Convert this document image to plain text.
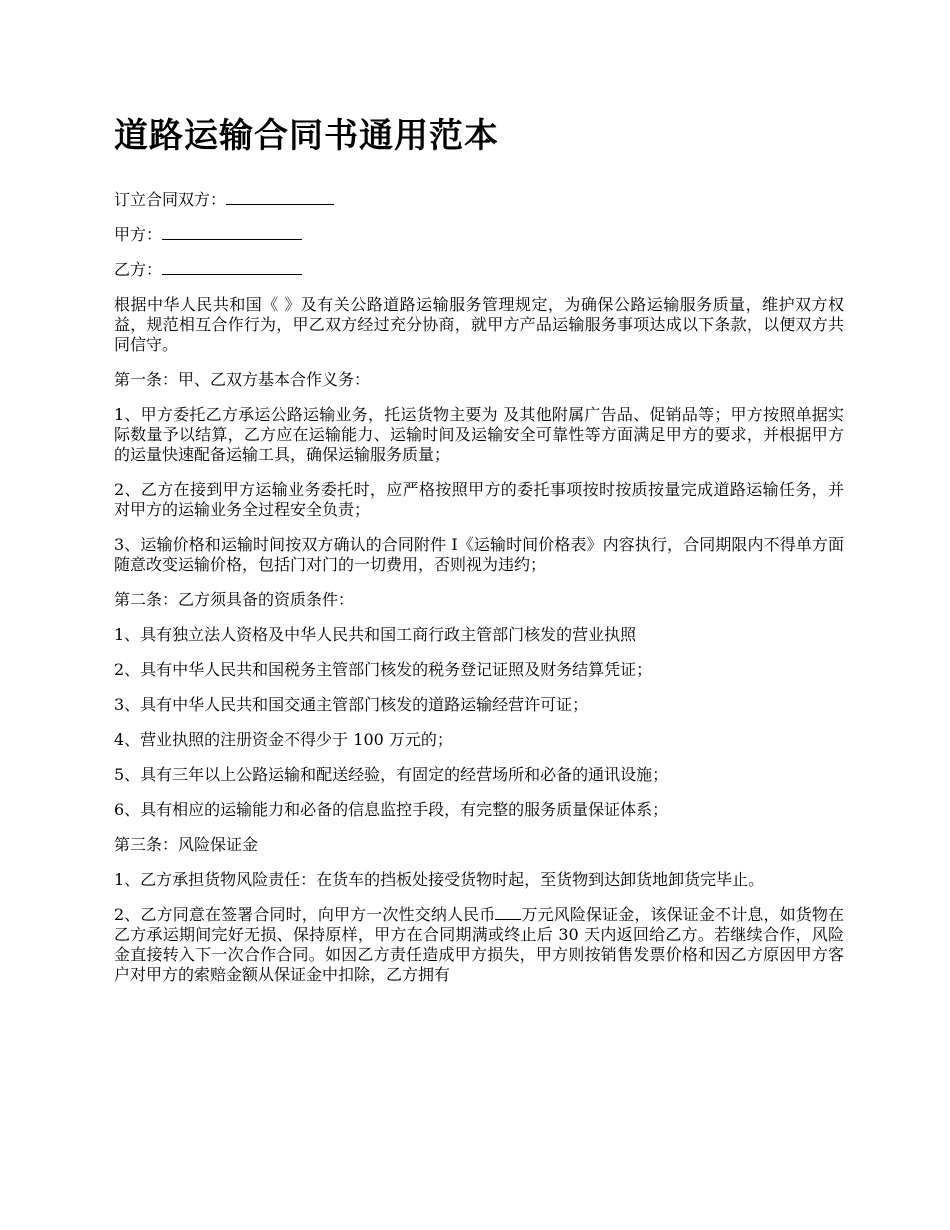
道路运输合同书通用范本

订立合同双方：

甲方：

乙方：

根据中华人民共和国《 》及有关公路道路运输服务管理规定，为确保公路运输服务质量，维护双方权益，规范相互合作行为，甲乙双方经过充分协商，就甲方产品运输服务事项达成以下条款，以便双方共同信守。

第一条：甲、乙双方基本合作义务：

1、甲方委托乙方承运公路运输业务，托运货物主要为 及其他附属广告品、促销品等；甲方按照单据实际数量予以结算，乙方应在运输能力、运输时间及运输安全可靠性等方面满足甲方的要求，并根据甲方的运量快速配备运输工具，确保运输服务质量；

2、乙方在接到甲方运输业务委托时，应严格按照甲方的委托事项按时按质按量完成道路运输任务，并对甲方的运输业务全过程安全负责；

3、运输价格和运输时间按双方确认的合同附件 I《运输时间价格表》内容执行，合同期限内不得单方面随意改变运输价格，包括门对门的一切费用，否则视为违约；

第二条：乙方须具备的资质条件：

1、具有独立法人资格及中华人民共和国工商行政主管部门核发的营业执照

2、具有中华人民共和国税务主管部门核发的税务登记证照及财务结算凭证；

3、具有中华人民共和国交通主管部门核发的道路运输经营许可证；

4、营业执照的注册资金不得少于 100 万元的；

5、具有三年以上公路运输和配送经验，有固定的经营场所和必备的通讯设施；

6、具有相应的运输能力和必备的信息监控手段，有完整的服务质量保证体系；

第三条：风险保证金

1、乙方承担货物风险责任：在货车的挡板处接受货物时起，至货物到达卸货地卸货完毕止。

2、乙方同意在签署合同时，向甲方一次性交纳人民币 万元风险保证金，该保证金不计息，如货物在乙方承运期间完好无损、保持原样，甲方在合同期满或终止后 30 天内返回给乙方。若继续合作，风险金直接转入下一次合作合同。如因乙方责任造成甲方损失，甲方则按销售发票价格和因乙方原因甲方客户对甲方的索赔金额从保证金中扣除，乙方拥有
